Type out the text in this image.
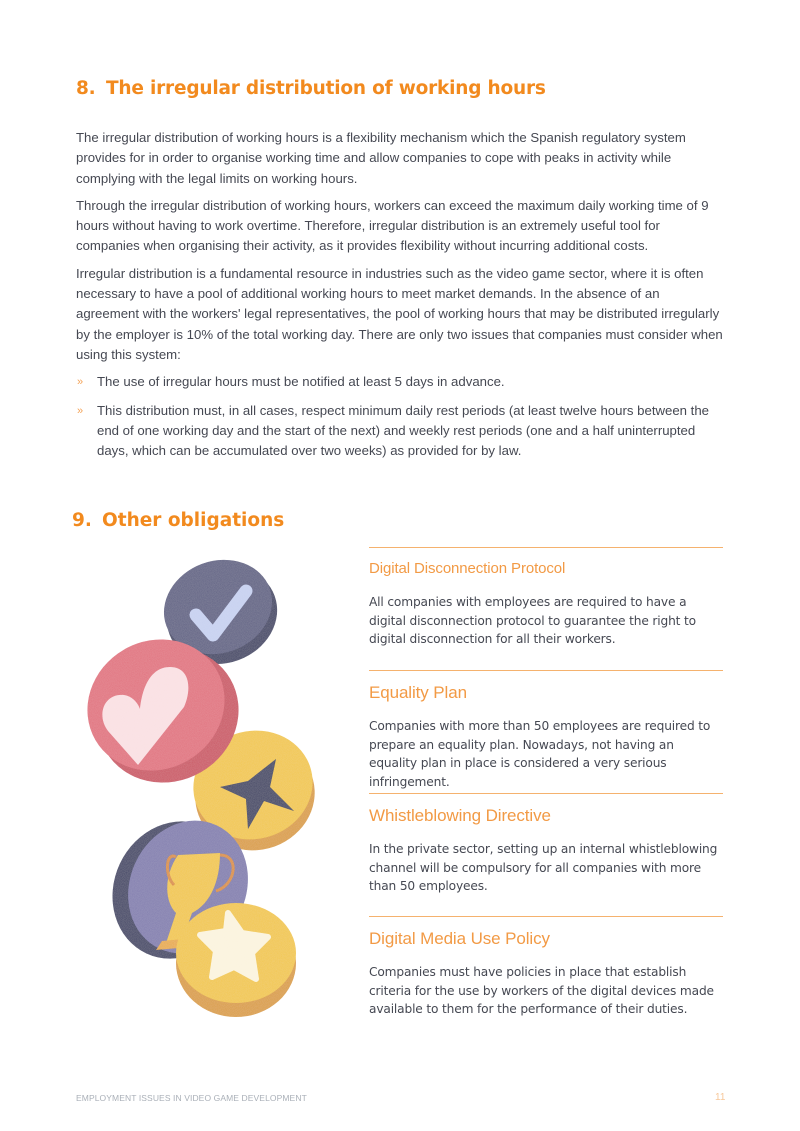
8. The irregular distribution of working hours

The irregular distribution of working hours is a flexibility mechanism which the Spanish regulatory system provides for in order to organise working time and allow companies to cope with peaks in activity while complying with the legal limits on working hours.

Through the irregular distribution of working hours, workers can exceed the maximum daily working time of 9 hours without having to work overtime. Therefore, irregular distribution is an extremely useful tool for companies when organising their activity, as it provides flexibility without incurring additional costs.

Irregular distribution is a fundamental resource in industries such as the video game sector, where it is often necessary to have a pool of additional working hours to meet market demands. In the absence of an agreement with the workers' legal representatives, the pool of working hours that may be distributed irregularly by the employer is 10% of the total working day. There are only two issues that companies must consider when using this system:

» The use of irregular hours must be notified at least 5 days in advance.
» This distribution must, in all cases, respect minimum daily rest periods (at least twelve hours between the end of one working day and the start of the next) and weekly rest periods (one and a half uninterrupted days, which can be accumulated over two weeks) as provided for by law.
9. Other obligations
Digital Disconnection Protocol
All companies with employees are required to have a digital disconnection protocol to guarantee the right to digital disconnection for all their workers.
Equality Plan
Companies with more than 50 employees are required to prepare an equality plan. Nowadays, not having an equality plan in place is considered a very serious infringement.
Whistleblowing Directive
In the private sector, setting up an internal whistleblowing channel will be compulsory for all companies with more than 50 employees.
Digital Media Use Policy
Companies must have policies in place that establish criteria for the use by workers of the digital devices made available to them for the performance of their duties.
EMPLOYMENT ISSUES IN VIDEO GAME DEVELOPMENT	11
